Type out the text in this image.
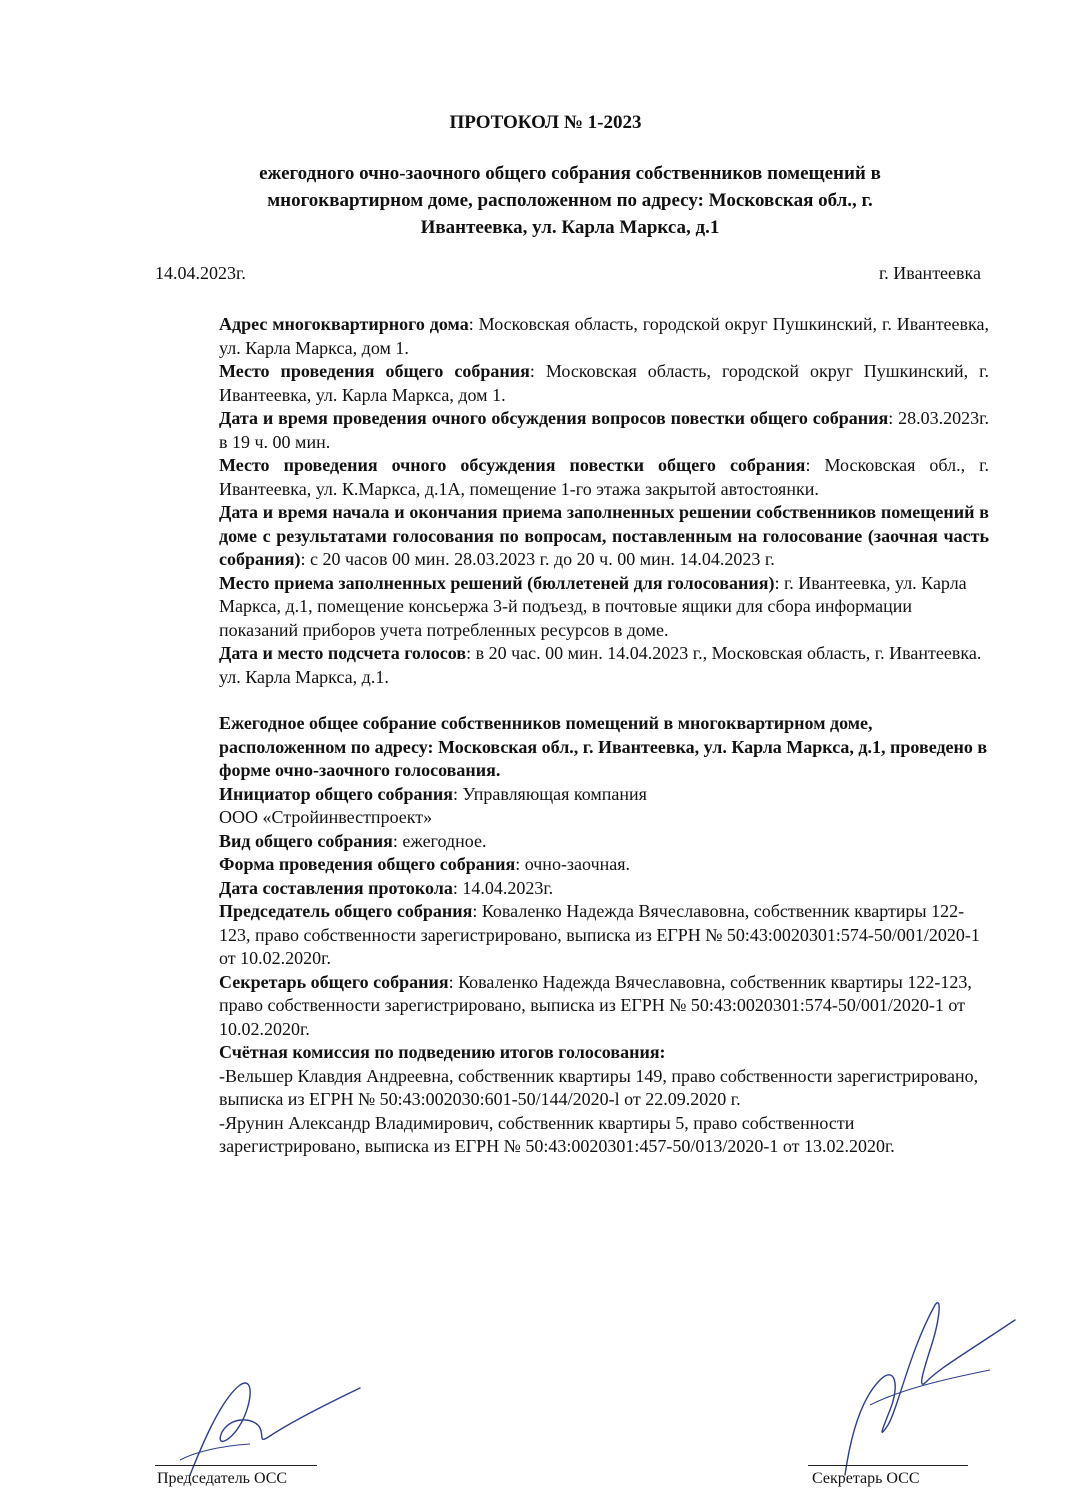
ПРОТОКОЛ № 1-2023

ежегодного очно-заочного общего собрания собственников помещений в многоквартирном доме, расположенном по адресу: Московская обл., г. Ивантеевка, ул. Карла Маркса, д.1

14.04.2023г.	г. Ивантеевка

Адрес многоквартирного дома: Московская область, городской округ Пушкинский, г. Ивантеевка, ул. Карла Маркса, дом 1.

Место проведения общего собрания: Московская область, городской округ Пушкинский, г. Ивантеевка, ул. Карла Маркса, дом 1.

Дата и время проведения очного обсуждения вопросов повестки общего собрания: 28.03.2023г. в 19 ч. 00 мин.

Место проведения очного обсуждения повестки общего собрания: Московская обл., г. Ивантеевка, ул. К.Маркса, д.1А, помещение 1-го этажа закрытой автостоянки.

Дата и время начала и окончания приема заполненных решении собственников помещений в доме с результатами голосования по вопросам, поставленным на голосование (заочная часть собрания): с 20 часов 00 мин. 28.03.2023 г. до 20 ч. 00 мин. 14.04.2023 г.

Место приема заполненных решений (бюллетеней для голосования): г. Ивантеевка, ул. Карла Маркса, д.1, помещение консьержа 3-й подъезд, в почтовые ящики для сбора информации показаний приборов учета потребленных ресурсов в доме.

Дата и место подсчета голосов: в 20 час. 00 мин. 14.04.2023 г., Московская область, г. Ивантеевка. ул. Карла Маркса, д.1.

Ежегодное общее собрание собственников помещений в многоквартирном доме, расположенном по адресу: Московская обл., г. Ивантеевка, ул. Карла Маркса, д.1, проведено в форме очно-заочного голосования.

Инициатор общего собрания: Управляющая компания
ООО «Стройинвестпроект»

Вид общего собрания: ежегодное.

Форма проведения общего собрания: очно-заочная.

Дата составления протокола: 14.04.2023г.

Председатель общего собрания: Коваленко Надежда Вячеславовна, собственник квартиры 122-123, право собственности зарегистрировано, выписка из ЕГРН № 50:43:0020301:574-50/001/2020-1 от 10.02.2020г.

Секретарь общего собрания: Коваленко Надежда Вячеславовна, собственник квартиры 122-123, право собственности зарегистрировано, выписка из ЕГРН № 50:43:0020301:574-50/001/2020-1 от 10.02.2020г.

Счётная комиссия по подведению итогов голосования:

-Вельшер Клавдия Андреевна, собственник квартиры 149, право собственности зарегистрировано, выписка из ЕГРН № 50:43:002030:601-50/144/2020-l от 22.09.2020 г.

-Ярунин Александр Владимирович, собственник квартиры 5, право собственности зарегистрировано, выписка из ЕГРН № 50:43:0020301:457-50/013/2020-1 от 13.02.2020г.

Председатель ОСС	Секретарь ОСС
